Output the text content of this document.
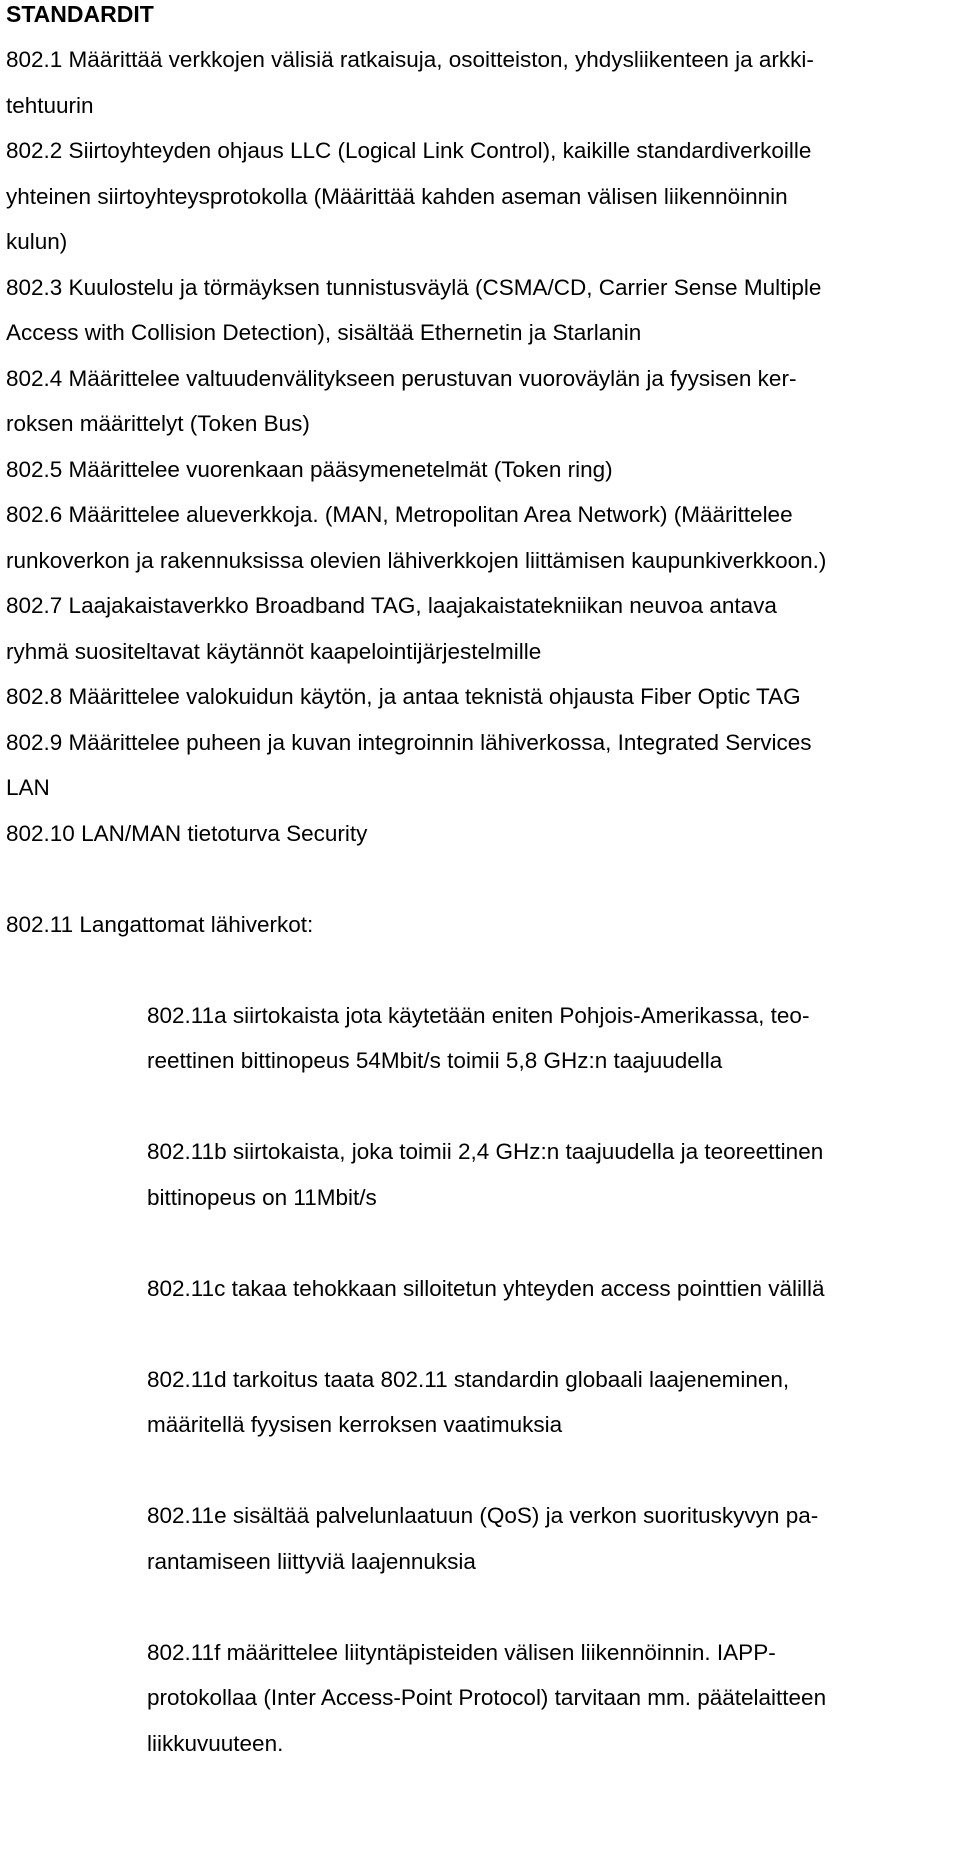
STANDARDIT
802.1 Määrittää verkkojen välisiä ratkaisuja, osoitteiston, yhdysliikenteen ja arkki-
tehtuurin
802.2 Siirtoyhteyden ohjaus LLC (Logical Link Control), kaikille standardiverkoille
yhteinen siirtoyhteysprotokolla (Määrittää kahden aseman välisen liikennöinnin
kulun)
802.3 Kuulostelu ja törmäyksen tunnistusväylä (CSMA/CD, Carrier Sense Multiple
Access with Collision Detection), sisältää Ethernetin ja Starlanin
802.4 Määrittelee valtuudenvälitykseen perustuvan vuoroväylän ja fyysisen ker-
roksen määrittelyt (Token Bus)
802.5 Määrittelee vuorenkaan pääsymenetelmät (Token ring)
802.6 Määrittelee alueverkkoja. (MAN, Metropolitan Area Network) (Määrittelee
runkoverkon ja rakennuksissa olevien lähiverkkojen liittämisen kaupunkiverkkoon.)
802.7 Laajakaistaverkko Broadband TAG, laajakaistatekniikan neuvoa antava
ryhmä suositeltavat käytännöt kaapelointijärjestelmille
802.8 Määrittelee valokuidun käytön, ja antaa teknistä ohjausta Fiber Optic TAG
802.9 Määrittelee puheen ja kuvan integroinnin lähiverkossa, Integrated Services
LAN
802.10 LAN/MAN tietoturva Security

802.11 Langattomat lähiverkot:

802.11a siirtokaista jota käytetään eniten Pohjois-Amerikassa, teo-
reettinen bittinopeus 54Mbit/s toimii 5,8 GHz:n taajuudella

802.11b siirtokaista, joka toimii 2,4 GHz:n taajuudella ja teoreettinen
bittinopeus on 11Mbit/s

802.11c takaa tehokkaan silloitetun yhteyden access pointtien välillä

802.11d tarkoitus taata 802.11 standardin globaali laajeneminen,
määritellä fyysisen kerroksen vaatimuksia

802.11e sisältää palvelunlaatuun (QoS) ja verkon suorituskyvyn pa-
rantamiseen liittyviä laajennuksia

802.11f määrittelee liityntäpisteiden välisen liikennöinnin. IAPP-
protokollaa (Inter Access-Point Protocol) tarvitaan mm. päätelaitteen
liikkuvuuteen.
